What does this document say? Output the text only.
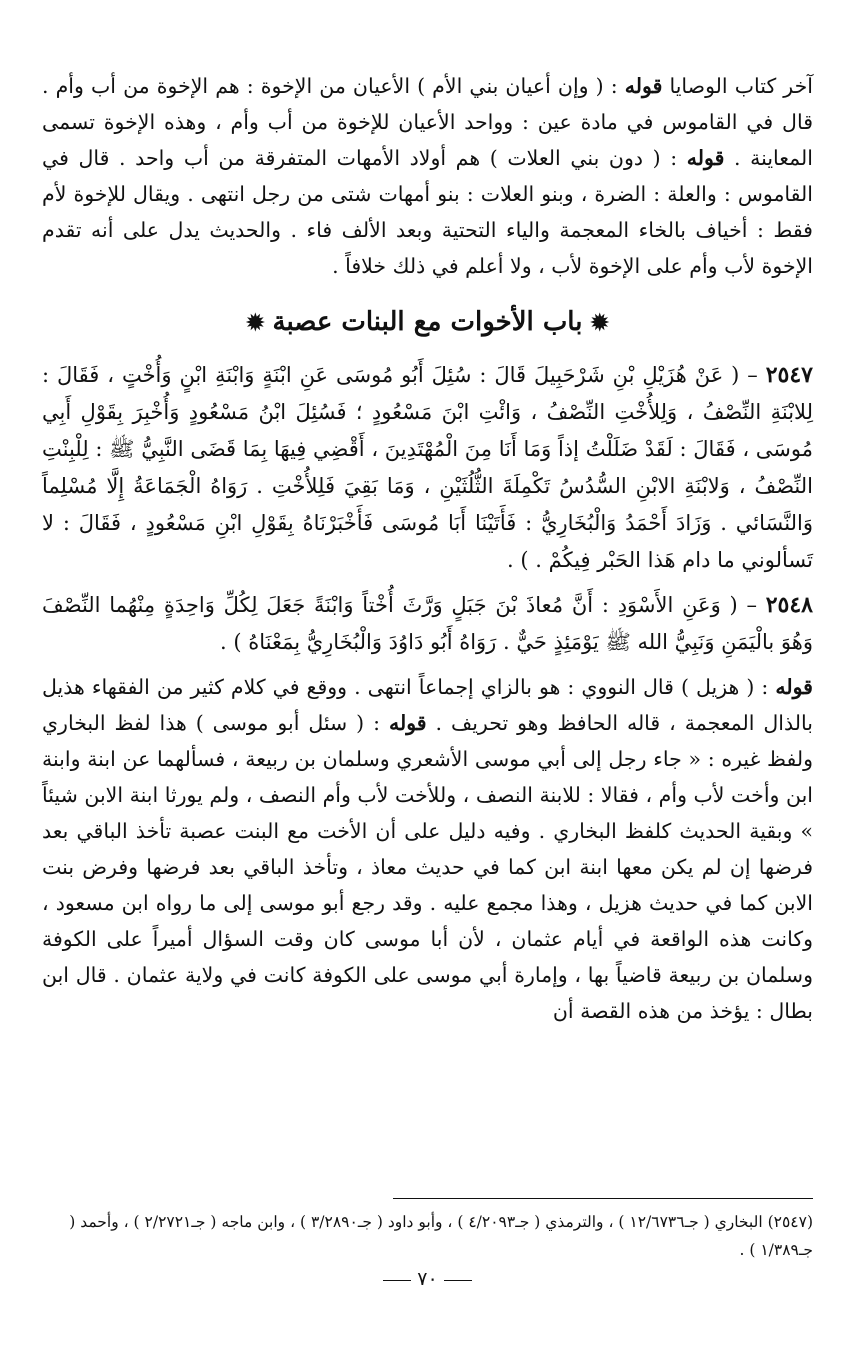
آخر كتاب الوصايا قوله : ( وإن أعيان بني الأم ) الأعيان من الإخوة : هم الإخوة من أب وأم . قال في القاموس في مادة عين : وواحد الأعيان للإخوة من أب وأم ، وهذه الإخوة تسمى المعاينة . قوله : ( دون بني العلات ) هم أولاد الأمهات المتفرقة من أب واحد . قال في القاموس : والعلة : الضرة ، وبنو العلات : بنو أمهات شتى من رجل انتهى . ويقال للإخوة لأم فقط : أخياف بالخاء المعجمة والياء التحتية وبعد الألف فاء . والحديث يدل على أنه تقدم الإخوة لأب وأم على الإخوة لأب ، ولا أعلم في ذلك خلافاً .

✹باب الأخوات مع البنات عصبة✹

٢٥٤٧ – ( عَنْ هُزَيْلِ بْنِ شَرْحَبِيلَ قَالَ : سُئِلَ أَبُو مُوسَى عَنِ ابْنَةٍ وَابْنَةِ ابْنٍ وَأُخْتٍ ، فَقَالَ : لِلابْنَةِ النِّصْفُ ، وَلِلأُخْتِ النِّصْفُ ، وَائْتِ ابْنَ مَسْعُودٍ ؛ فَسُئِلَ ابْنُ مَسْعُودٍ وَأُخْبِرَ بِقَوْلِ أَبِي مُوسَى ، فَقَالَ : لَقَدْ ضَلَلْتُ إذاً وَمَا أَنَا مِنَ الْمُهْتَدِينَ ، أَقْضِي فِيهَا بِمَا قَضَى النَّبِيُّ ﷺ : لِلْبِنْتِ النِّصْفُ ، وَلابْنَةِ الابْنِ السُّدُسُ تَكْمِلَةَ الثُّلُثَيْنِ ، وَمَا بَقِيَ فَلِلأُخْتِ . رَوَاهُ الْجَمَاعَةُ إِلَّا مُسْلِماً وَالنَّسَائي . وَزَادَ أَحْمَدُ وَالْبُخَارِيُّ : فَأَتَيْنَا أَبَا مُوسَى فَأَخْبَرْنَاهُ بِقَوْلِ ابْنِ مَسْعُودٍ ، فَقَالَ : لا تَسألوني ما دام هَذا الحَبْر فِيكُمْ . ) .

٢٥٤٨ – ( وَعَنِ الأَسْوَدِ : أَنَّ مُعاذَ بْنَ جَبَلٍ وَرَّثَ أُخْتاً وَابْنَةً جَعَلَ لِكُلِّ وَاحِدَةٍ مِنْهُما النِّصْفَ وَهُوَ بالْيَمَنِ وَنَبِيُّ الله ﷺ يَوْمَئِذٍ حَيٌّ . رَوَاهُ أَبُو دَاوُدَ وَالْبُخَارِيُّ بِمَعْنَاهُ ) .

قوله : ( هزيل ) قال النووي : هو بالزاي إجماعاً انتهى . ووقع في كلام كثير من الفقهاء هذيل بالذال المعجمة ، قاله الحافظ وهو تحريف . قوله : ( سئل أبو موسى ) هذا لفظ البخاري ولفظ غيره : « جاء رجل إلى أبي موسى الأشعري وسلمان بن ربيعة ، فسألهما عن ابنة وابنة ابن وأخت لأب وأم ، فقالا : للابنة النصف ، وللأخت لأب وأم النصف ، ولم يورثا ابنة الابن شيئاً » وبقية الحديث كلفظ البخاري . وفيه دليل على أن الأخت مع البنت عصبة تأخذ الباقي بعد فرضها إن لم يكن معها ابنة ابن كما في حديث معاذ ، وتأخذ الباقي بعد فرضها وفرض بنت الابن كما في حديث هزيل ، وهذا مجمع عليه . وقد رجع أبو موسى إلى ما رواه ابن مسعود ، وكانت هذه الواقعة في أيام عثمان ، لأن أبا موسى كان وقت السؤال أميراً على الكوفة وسلمان بن ربيعة قاضياً بها ، وإمارة أبي موسى على الكوفة كانت في ولاية عثمان . قال ابن بطال : يؤخذ من هذه القصة أن

(٢٥٤٧) البخاري ( جـ١٢/٦٧٣٦ ) ، والترمذي ( جـ٤/٢٠٩٣ ) ، وأبو داود ( جـ٣/٢٨٩٠ ) ، وابن ماجه ( جـ٢/٢٧٢١ ) ، وأحمد ( جـ١/٣٨٩ ) .

٧٠
